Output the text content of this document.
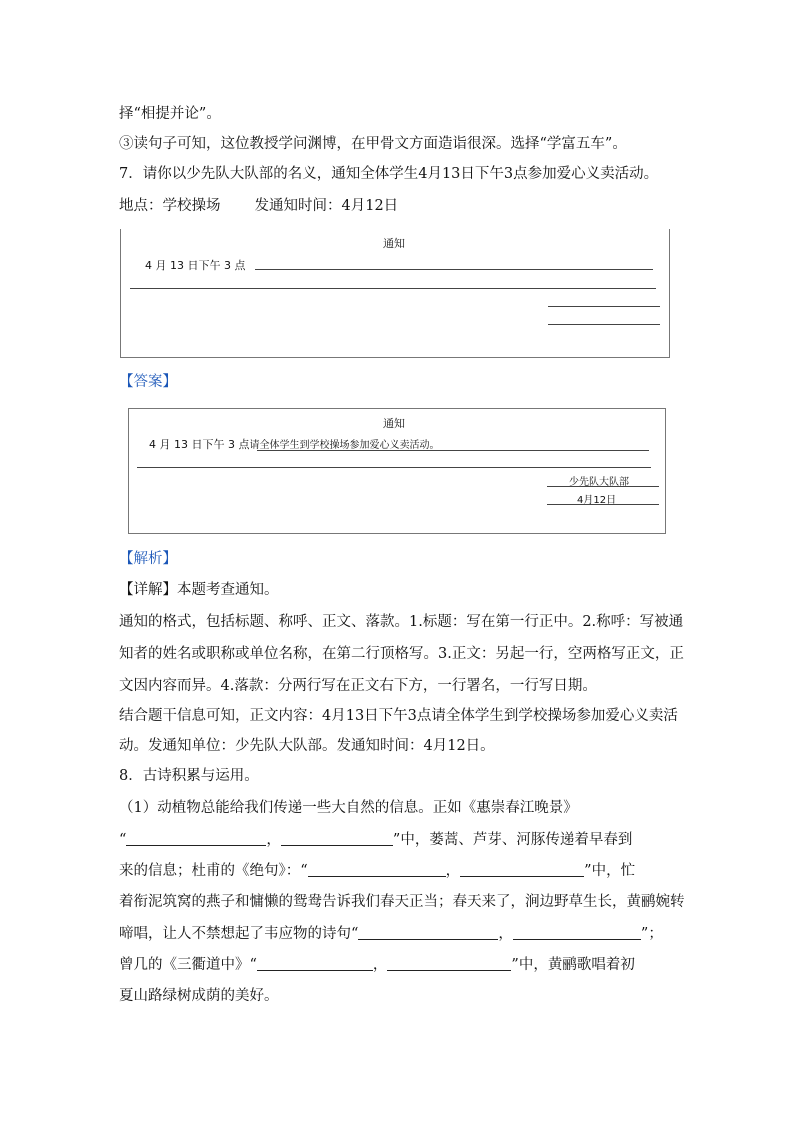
择“相提并论”。
③读句子可知，这位教授学问渊博，在甲骨文方面造诣很深。选择“学富五车”。
7．请你以少先队大队部的名义，通知全体学生4月13日下午3点参加爱心义卖活动。
地点：学校操场 发通知时间：4月12日
通知
4 月 13 日下午 3 点
【答案】
通知
4 月 13 日下午 3 点请全体学生到学校操场参加爱心义卖活动。
少先队大队部
4月12日
【解析】
【详解】本题考查通知。
通知的格式，包括标题、称呼、正文、落款。1.标题：写在第一行正中。2.称呼：写被通
知者的姓名或职称或单位名称，在第二行顶格写。3.正文：另起一行，空两格写正文，正
文因内容而异。4.落款：分两行写在正文右下方，一行署名，一行写日期。
结合题干信息可知，正文内容：4月13日下午3点请全体学生到学校操场参加爱心义卖活
动。发通知单位：少先队大队部。发通知时间：4月12日。
8．古诗积累与运用。
（1）动植物总能给我们传递一些大自然的信息。正如《惠崇春江晚景》
“	，	”中，蒌蒿、芦芽、河豚传递着早春到
来的信息；杜甫的《绝句》：“	，	”中，忙
着衔泥筑窝的燕子和慵懒的鸳鸯告诉我们春天正当；春天来了，涧边野草生长，黄鹂婉转
啼唱，让人不禁想起了韦应物的诗句“	，	”；
曾几的《三衢道中》“	，	”中，黄鹂歌唱着初
夏山路绿树成荫的美好。
